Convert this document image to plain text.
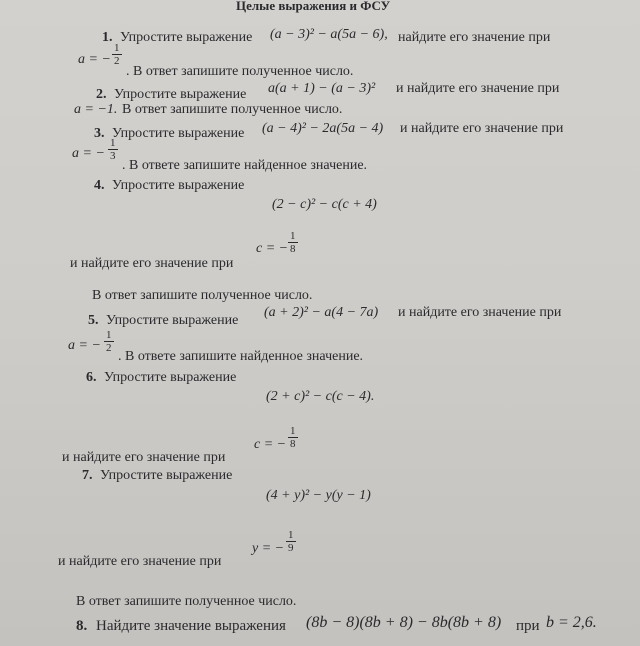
Целые выражения и ФСУ
1. Упростите выражение (a − 3)² − a(5a − 6), найдите его значение при
a = − $\frac{1}{2}$
. В ответ запишите полученное число.
2. Упростите выражение a(a + 1) − (a − 3)² и найдите его значение при
a = −1. В ответ запишите полученное число.
3. Упростите выражение (a − 4)² − 2a(5a − 4) и найдите его значение при
a = − $\frac{1}{3}$
. В ответе запишите найденное значение.
4. Упростите выражение
(2 − c)² − c(c + 4)
c = − $\frac{1}{8}$
и найдите его значение при
В ответ запишите полученное число.
5. Упростите выражение
(a + 2)² − a(4 − 7a) и найдите его значение при
a = − $\frac{1}{2}$
. В ответе запишите найденное значение.
6. Упростите выражение
(2 + c)² − c(c − 4).
c = − $\frac{1}{8}$
и найдите его значение при
7. Упростите выражение
(4 + y)² − y(y − 1)
y = − $\frac{1}{9}$
и найдите его значение при
В ответ запишите полученное число.
8. Найдите значение выражения (8b − 8)(8b + 8) − 8b(8b + 8) при b = 2,6.
